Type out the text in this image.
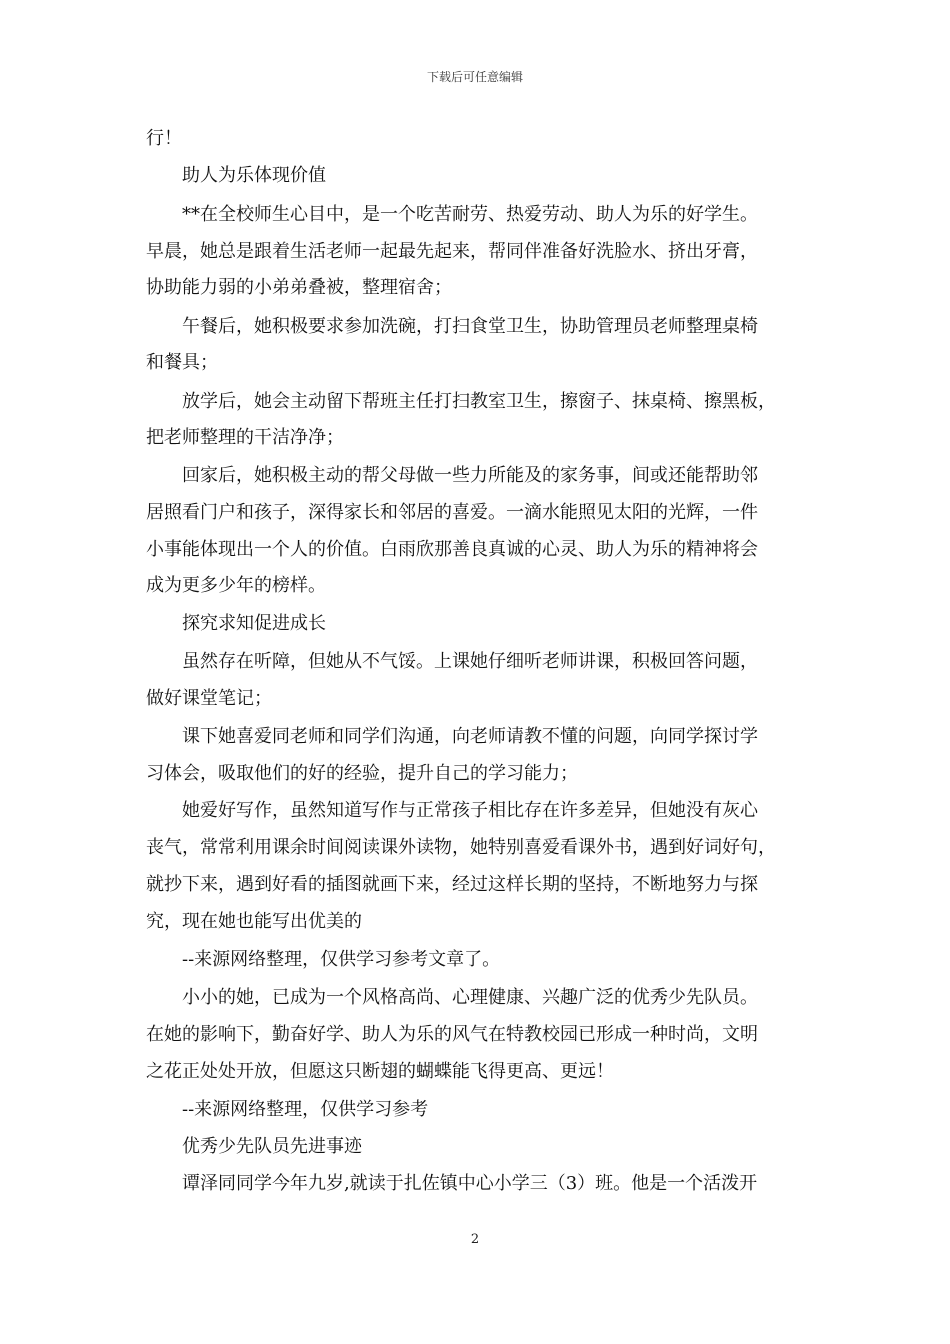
下载后可任意编辑
行！
助人为乐体现价值
**在全校师生心目中，是一个吃苦耐劳、热爱劳动、助人为乐的好学生。
早晨，她总是跟着生活老师一起最先起来，帮同伴准备好洗脸水、挤出牙膏，
协助能力弱的小弟弟叠被，整理宿舍；
午餐后，她积极要求参加洗碗，打扫食堂卫生，协助管理员老师整理桌椅
和餐具；
放学后，她会主动留下帮班主任打扫教室卫生，擦窗子、抹桌椅、擦黑板，
把老师整理的干洁净净；
回家后，她积极主动的帮父母做一些力所能及的家务事，间或还能帮助邻
居照看门户和孩子，深得家长和邻居的喜爱。一滴水能照见太阳的光辉，一件
小事能体现出一个人的价值。白雨欣那善良真诚的心灵、助人为乐的精神将会
成为更多少年的榜样。
探究求知促进成长
虽然存在听障，但她从不气馁。上课她仔细听老师讲课，积极回答问题，
做好课堂笔记；
课下她喜爱同老师和同学们沟通，向老师请教不懂的问题，向同学探讨学
习体会，吸取他们的好的经验，提升自己的学习能力；
她爱好写作，虽然知道写作与正常孩子相比存在许多差异，但她没有灰心
丧气，常常利用课余时间阅读课外读物，她特别喜爱看课外书，遇到好词好句，
就抄下来，遇到好看的插图就画下来，经过这样长期的坚持，不断地努力与探
究，现在她也能写出优美的
--来源网络整理，仅供学习参考文章了。
小小的她，已成为一个风格高尚、心理健康、兴趣广泛的优秀少先队员。
在她的影响下，勤奋好学、助人为乐的风气在特教校园已形成一种时尚，文明
之花正处处开放，但愿这只断翅的蝴蝶能飞得更高、更远！
--来源网络整理，仅供学习参考
优秀少先队员先进事迹
谭泽同同学今年九岁,就读于扎佐镇中心小学三（3）班。他是一个活泼开
2
